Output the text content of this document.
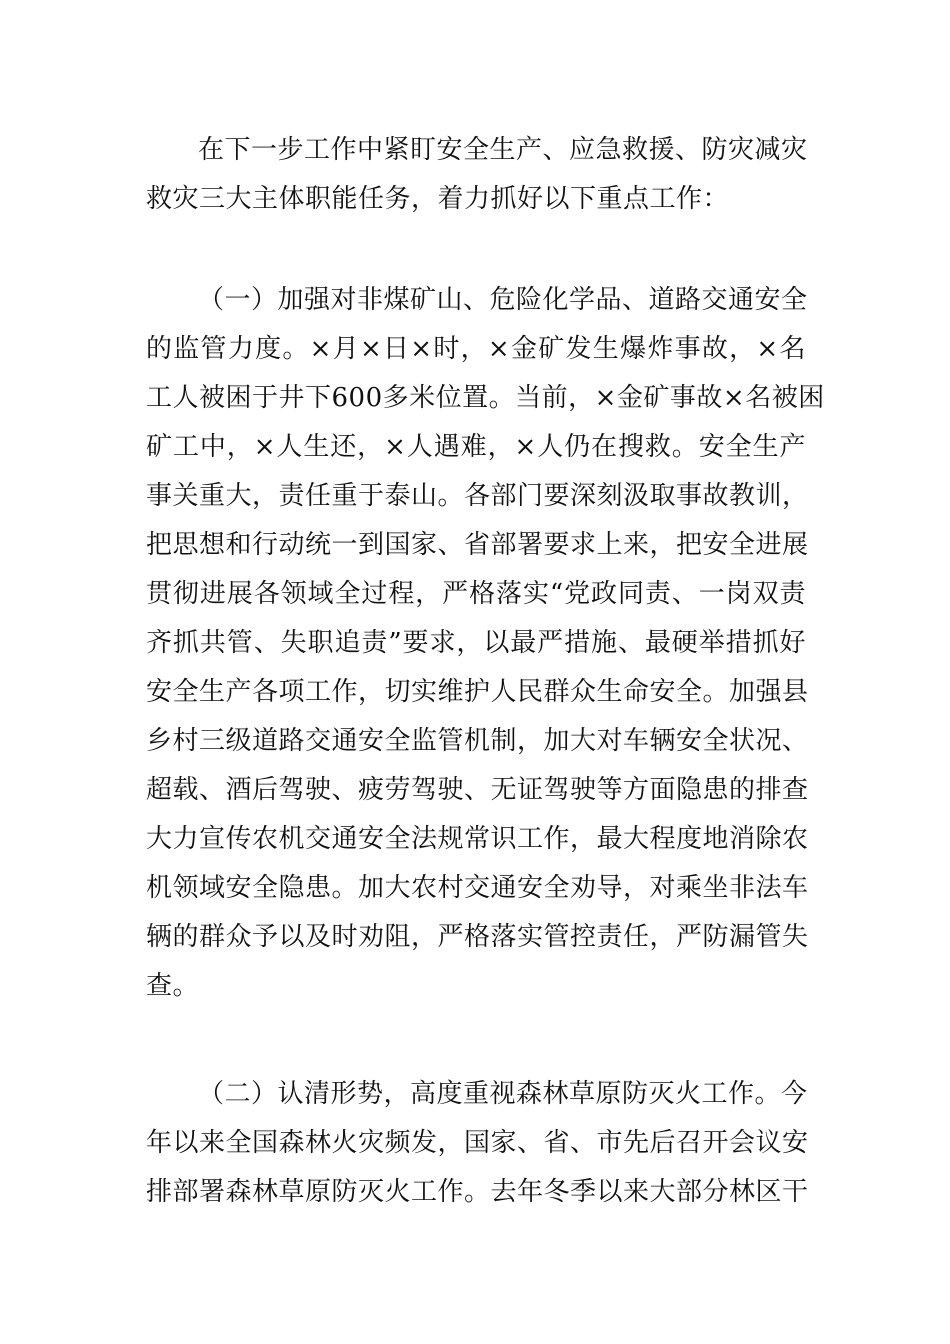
在下一步工作中紧盯安全生产、应急救援、防灾减灾
救灾三大主体职能任务，着力抓好以下重点工作：
（一）加强对非煤矿山、危险化学品、道路交通安全
的监管力度。×月×日×时，×金矿发生爆炸事故，×名
工人被困于井下600多米位置。当前，×金矿事故×名被困
矿工中，×人生还，×人遇难，×人仍在搜救。安全生产
事关重大，责任重于泰山。各部门要深刻汲取事故教训，
把思想和行动统一到国家、省部署要求上来，把安全进展
贯彻进展各领域全过程，严格落实“党政同责、一岗双责
齐抓共管、失职追责”要求，以最严措施、最硬举措抓好
安全生产各项工作，切实维护人民群众生命安全。加强县
乡村三级道路交通安全监管机制，加大对车辆安全状况、
超载、酒后驾驶、疲劳驾驶、无证驾驶等方面隐患的排查
大力宣传农机交通安全法规常识工作，最大程度地消除农
机领域安全隐患。加大农村交通安全劝导，对乘坐非法车
辆的群众予以及时劝阻，严格落实管控责任，严防漏管失
查。
（二）认清形势，高度重视森林草原防灭火工作。今
年以来全国森林火灾频发，国家、省、市先后召开会议安
排部署森林草原防灭火工作。去年冬季以来大部分林区干
